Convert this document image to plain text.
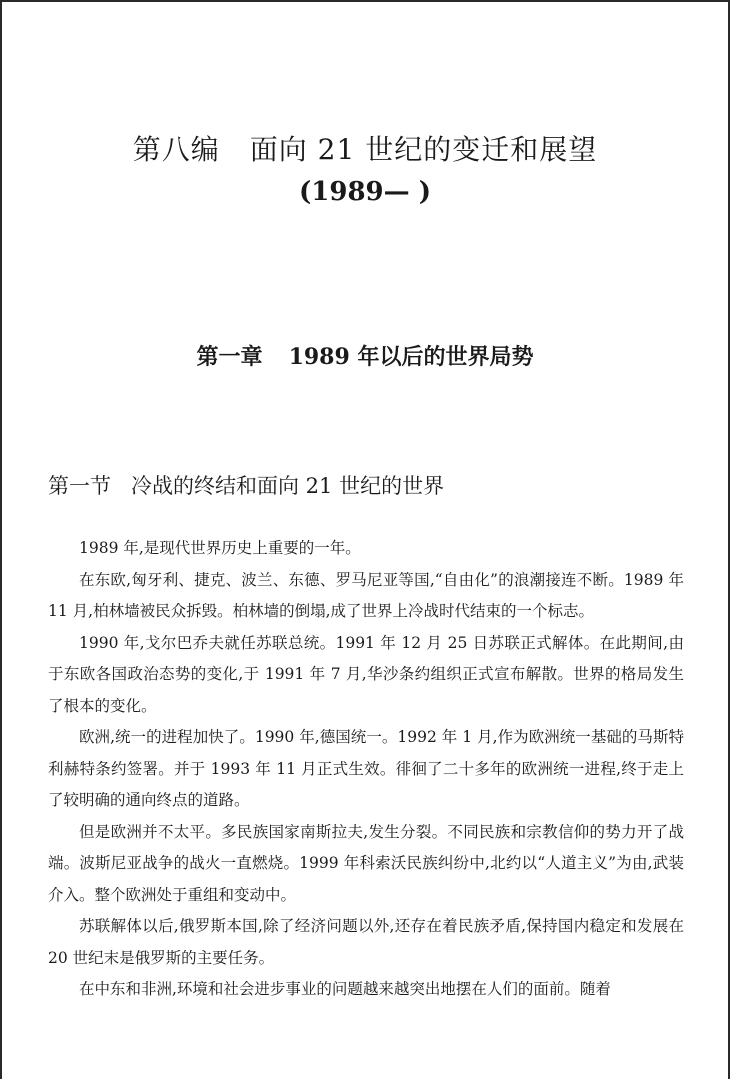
第八编 面向 21 世纪的变迁和展望
(1989— )
第一章 1989 年以后的世界局势
第一节 冷战的终结和面向 21 世纪的世界

1989 年,是现代世界历史上重要的一年。

在东欧,匈牙利、捷克、波兰、东德、罗马尼亚等国,“自由化”的浪潮接连不断。1989 年 11 月,柏林墙被民众拆毁。柏林墙的倒塌,成了世界上冷战时代结束的一个标志。

1990 年,戈尔巴乔夫就任苏联总统。1991 年 12 月 25 日苏联正式解体。在此期间,由于东欧各国政治态势的变化,于 1991 年 7 月,华沙条约组织正式宣布解散。世界的格局发生了根本的变化。

欧洲,统一的进程加快了。1990 年,德国统一。1992 年 1 月,作为欧洲统一基础的马斯特利赫特条约签署。并于 1993 年 11 月正式生效。徘徊了二十多年的欧洲统一进程,终于走上了较明确的通向终点的道路。

但是欧洲并不太平。多民族国家南斯拉夫,发生分裂。不同民族和宗教信仰的势力开了战端。波斯尼亚战争的战火一直燃烧。1999 年科索沃民族纠纷中,北约以“人道主义”为由,武装介入。整个欧洲处于重组和变动中。

苏联解体以后,俄罗斯本国,除了经济问题以外,还存在着民族矛盾,保持国内稳定和发展在 20 世纪末是俄罗斯的主要任务。

在中东和非洲,环境和社会进步事业的问题越来越突出地摆在人们的面前。随着
